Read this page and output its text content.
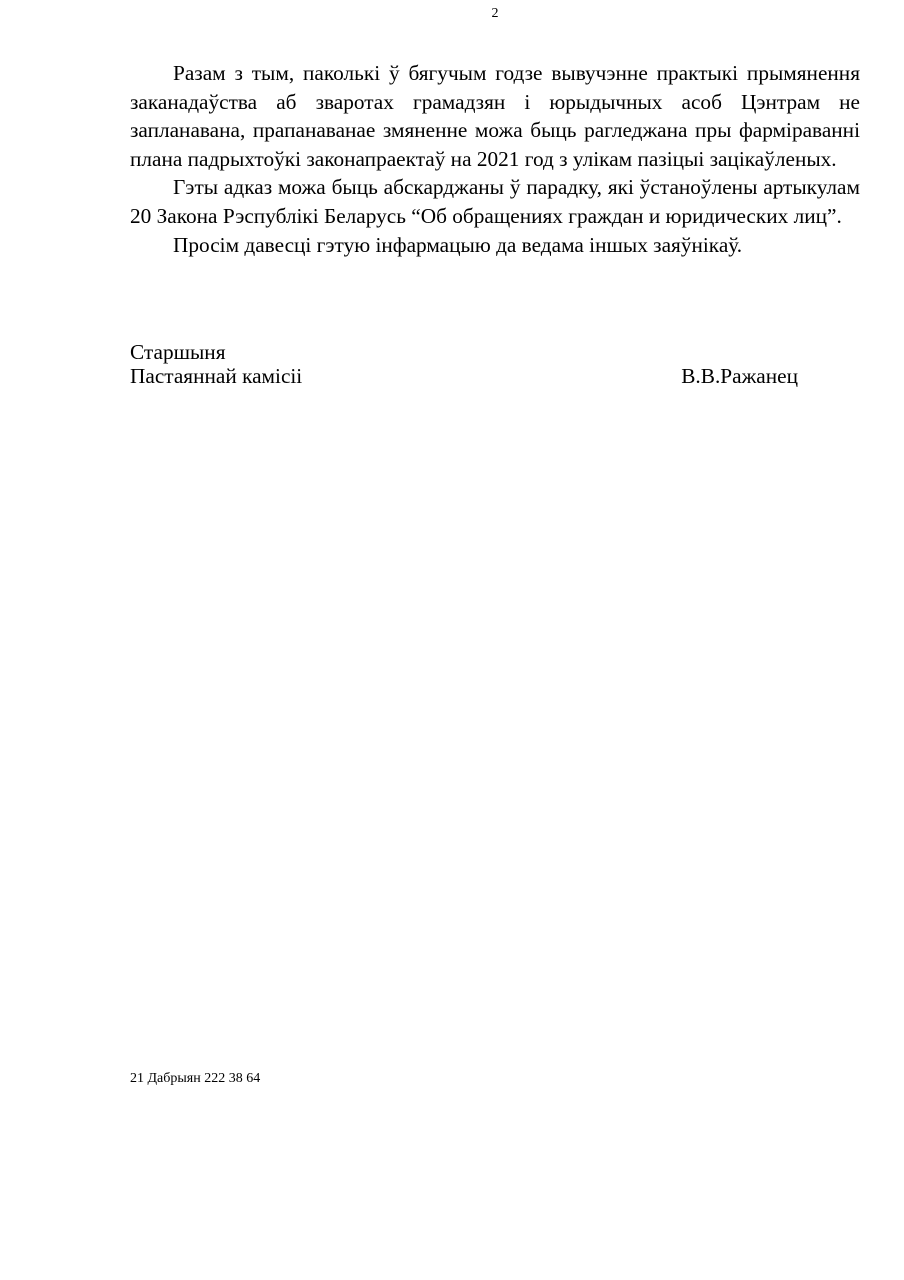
2

Разам з тым, паколькі ў бягучым годзе вывучэнне практыкі прымянення заканадаўства аб зваротах грамадзян і юрыдычных асоб Цэнтрам не запланавана, прапанаванае змяненне можа быць рагледжана пры фарміраванні плана падрыхтоўкі законапраектаў на 2021 год з улікам пазіцыі зацікаўленых.

Гэты адказ можа быць абскарджаны ў парадку, які ўстаноўлены артыкулам 20 Закона Рэспублікі Беларусь “Об обращениях граждан и юридических лиц”.

Просім давесці гэтую інфармацыю да ведама іншых заяўнікаў.

Старшыня
Пастаяннай камісіі	В.В.Ражанец
21 Дабрыян 222 38 64
